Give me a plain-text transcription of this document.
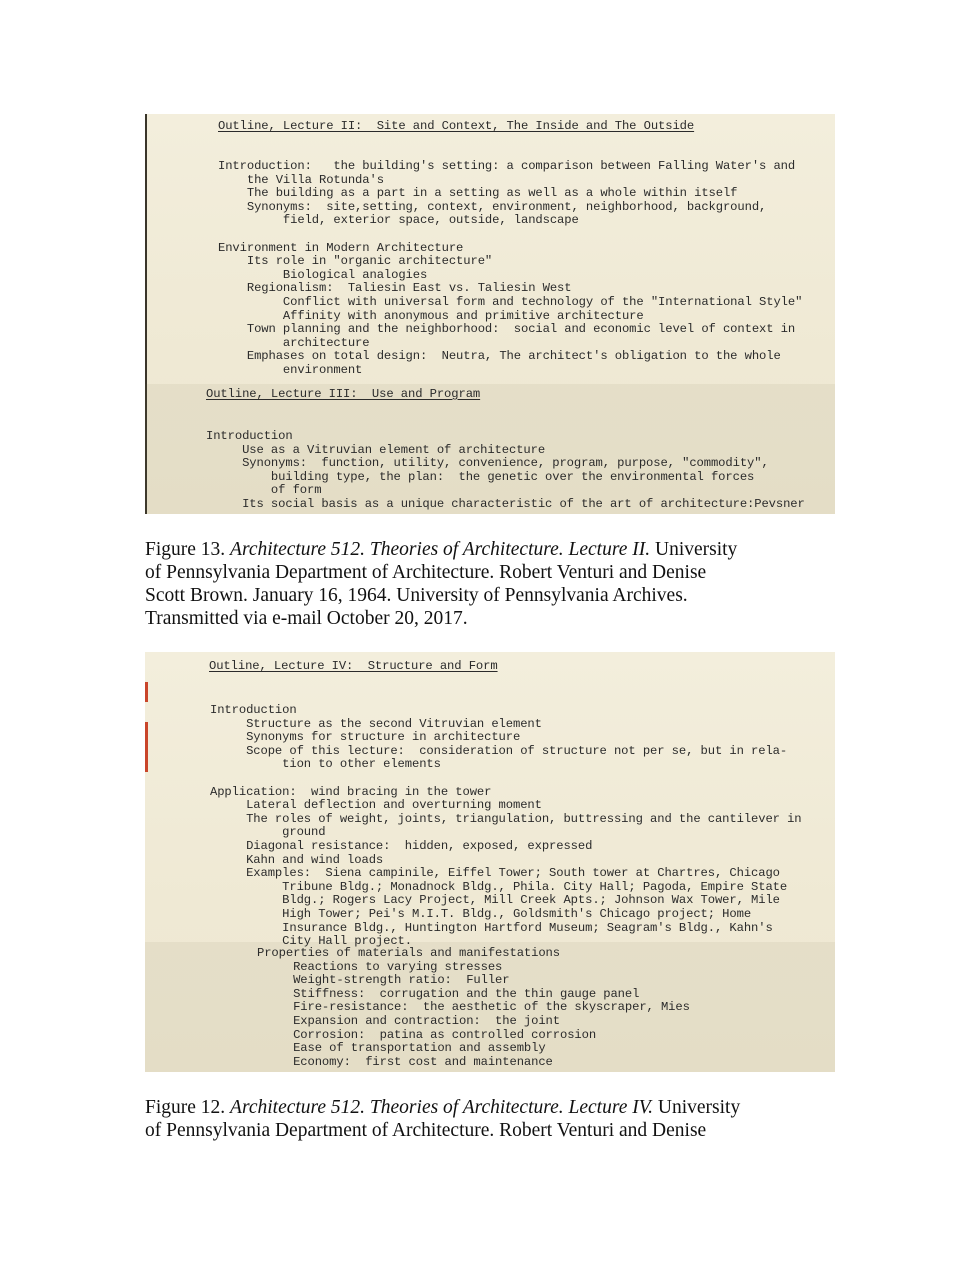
Outline, Lecture II:  Site and Context, The Inside and The Outside

Introduction:   the building's setting: a comparison between Falling Water's and
the Villa Rotunda's
The building as a part in a setting as well as a whole within itself
Synonyms:  site,setting, context, environment, neighborhood, background,
field, exterior space, outside, landscape

Environment in Modern Architecture
Its role in "organic architecture"
Biological analogies
Regionalism:  Taliesin East vs. Taliesin West
Conflict with universal form and technology of the "International Style"
Affinity with anonymous and primitive architecture
Town planning and the neighborhood:  social and economic level of context in
architecture
Emphases on total design:  Neutra, The architect's obligation to the whole
environment

Outline, Lecture III:  Use and Program

Introduction
Use as a Vitruvian element of architecture
Synonyms:  function, utility, convenience, program, purpose, "commodity",
building type, the plan:  the genetic over the environmental forces
of form
Its social basis as a unique characteristic of the art of architecture:Pevsner
Figure 13. Architecture 512. Theories of Architecture. Lecture II. University
of Pennsylvania Department of Architecture. Robert Venturi and Denise
Scott Brown. January 16, 1964. University of Pennsylvania Archives.
Transmitted via e-mail October 20, 2017.

Outline, Lecture IV:  Structure and Form

Introduction
Structure as the second Vitruvian element
Synonyms for structure in architecture
Scope of this lecture:  consideration of structure not per se, but in rela-
tion to other elements

Application:  wind bracing in the tower
Lateral deflection and overturning moment
The roles of weight, joints, triangulation, buttressing and the cantilever in
ground
Diagonal resistance:  hidden, exposed, expressed
Kahn and wind loads
Examples:  Siena campinile, Eiffel Tower; South tower at Chartres, Chicago
Tribune Bldg.; Monadnock Bldg., Phila. City Hall; Pagoda, Empire State
Bldg.; Rogers Lacy Project, Mill Creek Apts.; Johnson Wax Tower, Mile
High Tower; Pei's M.I.T. Bldg., Goldsmith's Chicago project; Home
Insurance Bldg., Huntington Hartford Museum; Seagram's Bldg., Kahn's
City Hall project.
Properties of materials and manifestations
Reactions to varying stresses
Weight-strength ratio:  Fuller
Stiffness:  corrugation and the thin gauge panel
Fire-resistance:  the aesthetic of the skyscraper, Mies
Expansion and contraction:  the joint
Corrosion:  patina as controlled corrosion
Ease of transportation and assembly
Economy:  first cost and maintenance
Figure 12. Architecture 512. Theories of Architecture. Lecture IV. University
of Pennsylvania Department of Architecture. Robert Venturi and Denise
